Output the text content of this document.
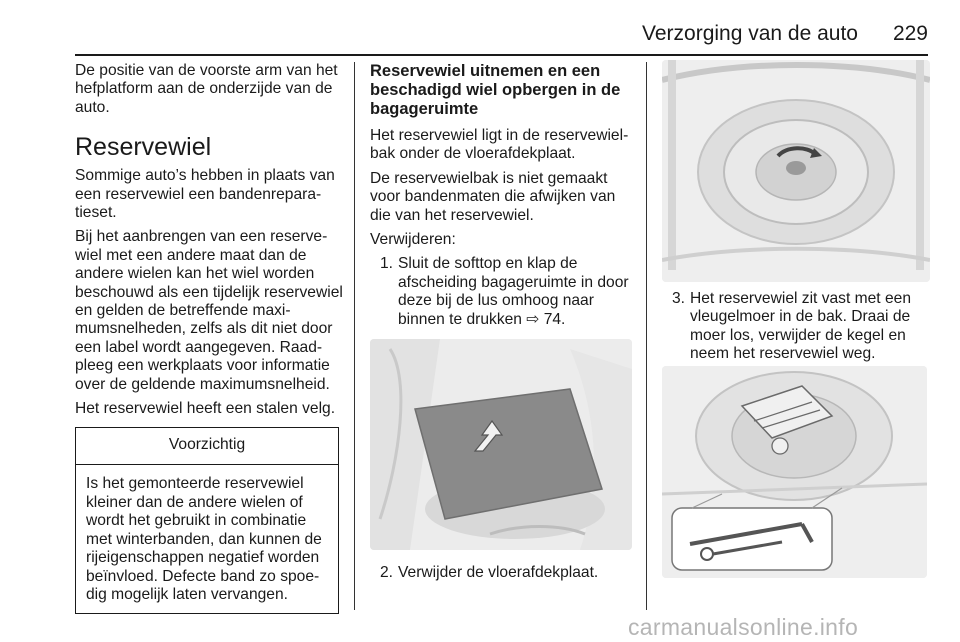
Verzorging van de auto 229

De positie van de voorste arm van het hefplatform aan de onderzijde van de auto.

Reservewiel

Sommige auto’s hebben in plaats van een reservewiel een bandenreparatieset.

Bij het aanbrengen van een reservewiel met een andere maat dan de andere wielen kan het wiel worden beschouwd als een tijdelijk reservewiel en gelden de betreffende maximumsnelheden, zelfs als dit niet door een label wordt aangegeven. Raadpleeg een werkplaats voor informatie over de geldende maximumsnelheid.

Het reservewiel heeft een stalen velg.

Voorzichtig
Is het gemonteerde reservewiel kleiner dan de andere wielen of wordt het gebruikt in combinatie met winterbanden, dan kunnen de rijeigenschappen negatief worden beïnvloed. Defecte band zo spoedig mogelijk laten vervangen.
Reservewiel uitnemen en een beschadigd wiel opbergen in de bagageruimte

Het reservewiel ligt in de reservewielbak onder de vloerafdekplaat.

De reservewielbak is niet gemaakt voor bandenmaten die afwijken van die van het reservewiel.

Verwijderen:

1. Sluit de softtop en klap de afscheiding bagageruimte in door deze bij de lus omhoog naar binnen te drukken ⇨ 74.
2. Verwijder de vloerafdekplaat.
3. Het reservewiel zit vast met een vleugelmoer in de bak. Draai de moer los, verwijder de kegel en neem het reservewiel weg.
carmanualsonline.info
